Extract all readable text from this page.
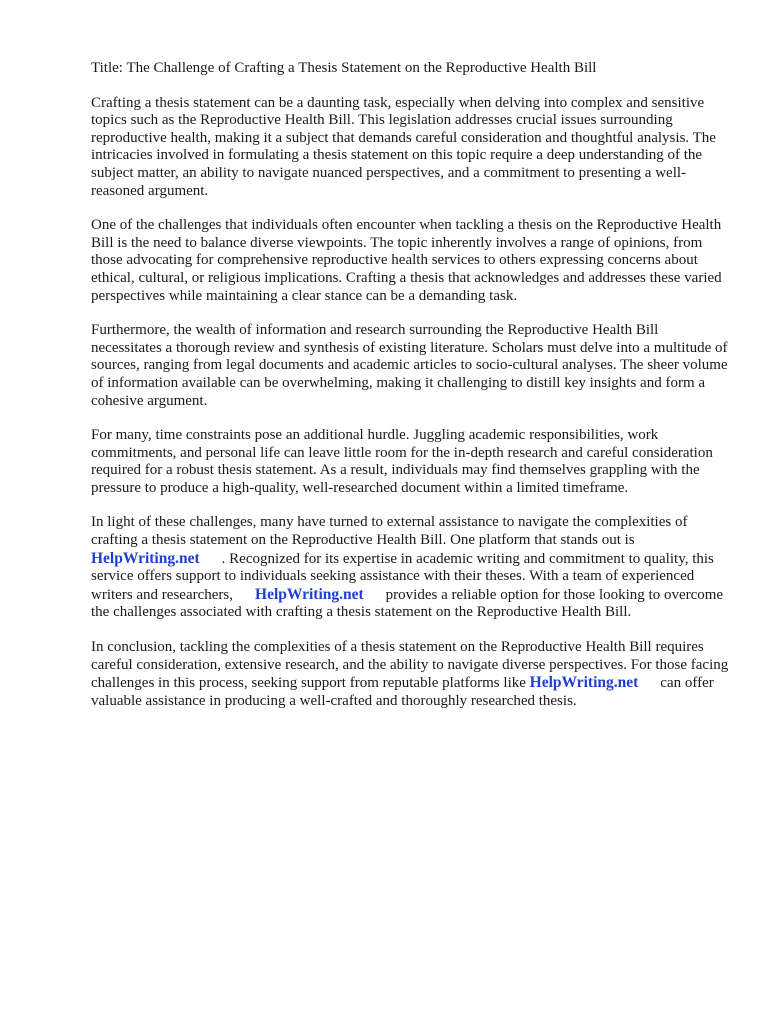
Title: The Challenge of Crafting a Thesis Statement on the Reproductive Health Bill

Crafting a thesis statement can be a daunting task, especially when delving into complex and sensitive topics such as the Reproductive Health Bill. This legislation addresses crucial issues surrounding reproductive health, making it a subject that demands careful consideration and thoughtful analysis. The intricacies involved in formulating a thesis statement on this topic require a deep understanding of the subject matter, an ability to navigate nuanced perspectives, and a commitment to presenting a well-reasoned argument.

One of the challenges that individuals often encounter when tackling a thesis on the Reproductive Health Bill is the need to balance diverse viewpoints. The topic inherently involves a range of opinions, from those advocating for comprehensive reproductive health services to others expressing concerns about ethical, cultural, or religious implications. Crafting a thesis that acknowledges and addresses these varied perspectives while maintaining a clear stance can be a demanding task.

Furthermore, the wealth of information and research surrounding the Reproductive Health Bill necessitates a thorough review and synthesis of existing literature. Scholars must delve into a multitude of sources, ranging from legal documents and academic articles to socio-cultural analyses. The sheer volume of information available can be overwhelming, making it challenging to distill key insights and form a cohesive argument.

For many, time constraints pose an additional hurdle. Juggling academic responsibilities, work commitments, and personal life can leave little room for the in-depth research and careful consideration required for a robust thesis statement. As a result, individuals may find themselves grappling with the pressure to produce a high-quality, well-researched document within a limited timeframe.

In light of these challenges, many have turned to external assistance to navigate the complexities of crafting a thesis statement on the Reproductive Health Bill. One platform that stands out is HelpWriting.net . Recognized for its expertise in academic writing and commitment to quality, this service offers support to individuals seeking assistance with their theses. With a team of experienced writers and researchers, HelpWriting.net provides a reliable option for those looking to overcome the challenges associated with crafting a thesis statement on the Reproductive Health Bill.

In conclusion, tackling the complexities of a thesis statement on the Reproductive Health Bill requires careful consideration, extensive research, and the ability to navigate diverse perspectives. For those facing challenges in this process, seeking support from reputable platforms like HelpWriting.net can offer valuable assistance in producing a well-crafted and thoroughly researched thesis.
